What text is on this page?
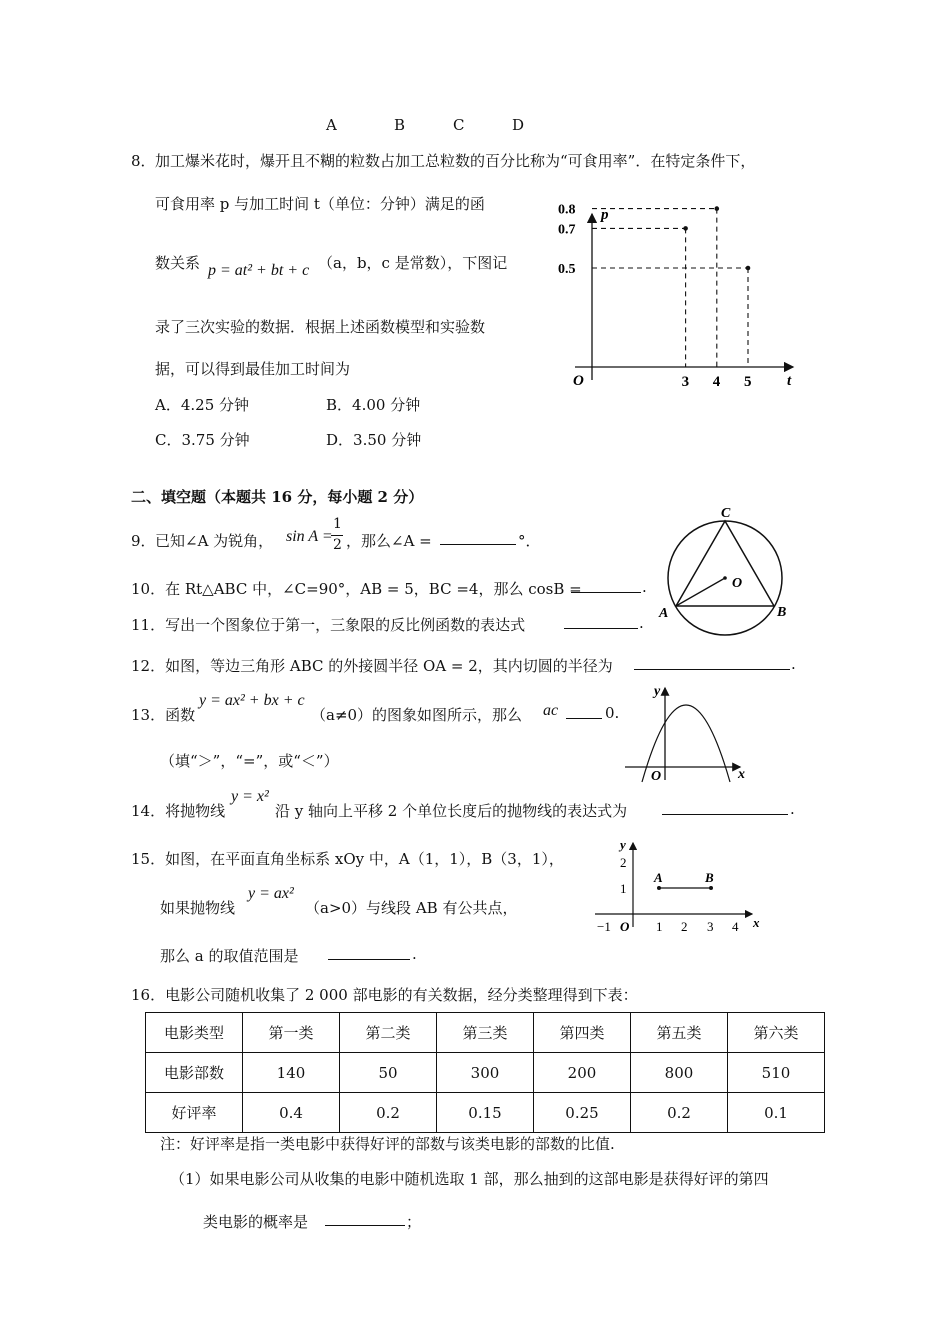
A	B	C	D
8． 加工爆米花时，爆开且不糊的粒数占加工总粒数的百分比称为“可食用率”．在特定条件下，
可食用率 p 与加工时间 t（单位：分钟）满足的函
数关系 p = at² + bt + c （a，b，c 是常数），下图记
录了三次实验的数据．根据上述函数模型和实验数
据，可以得到最佳加工时间为
A．4.25 分钟	B．4.00 分钟
C．3.75 分钟	D．3.50 分钟
3 4 5
0.8
0.7
0.5
p
t
O
二、填空题（本题共 16 分，每小题 2 分）
9． 已知∠A 为锐角， sin A =
1
2 ，那么∠A =	°．
10．在 Rt△ABC 中，∠C=90°，AB = 5，BC =4，那么 cosB =	.
11．写出一个图象位于第一，三象限的反比例函数的表达式	.
C
O
A	B
12．如图，等边三角形 ABC 的外接圆半径 OA = 2，其内切圆的半径为	.
13．函数
y = ax² + bx + c
（a≠0）的图象如图所示，那么 ac	0.
（填“＞”，“=”，或“＜”）
y
O	x
14．将抛物线
y = x²
沿 y 轴向上平移 2 个单位长度后的抛物线的表达式为	.
15．如图，在平面直角坐标系 xOy 中，A（1，1），B（3，1），
如果抛物线
y = ax²
（a>0）与线段 AB 有公共点，
那么 a 的取值范围是	.
y
2
1
A	B
−1 O 1 2 3 4 x
16．电影公司随机收集了 2 000 部电影的有关数据，经分类整理得到下表：
电影类型	第一类	第二类	第三类	第四类	第五类	第六类
电影部数	140	50	300	200	800	510
好评率	0.4	0.2	0.15	0.25	0.2	0.1
注：好评率是指一类电影中获得好评的部数与该类电影的部数的比值.
（1）如果电影公司从收集的电影中随机选取 1 部，那么抽到的这部电影是获得好评的第四
类电影的概率是	；
